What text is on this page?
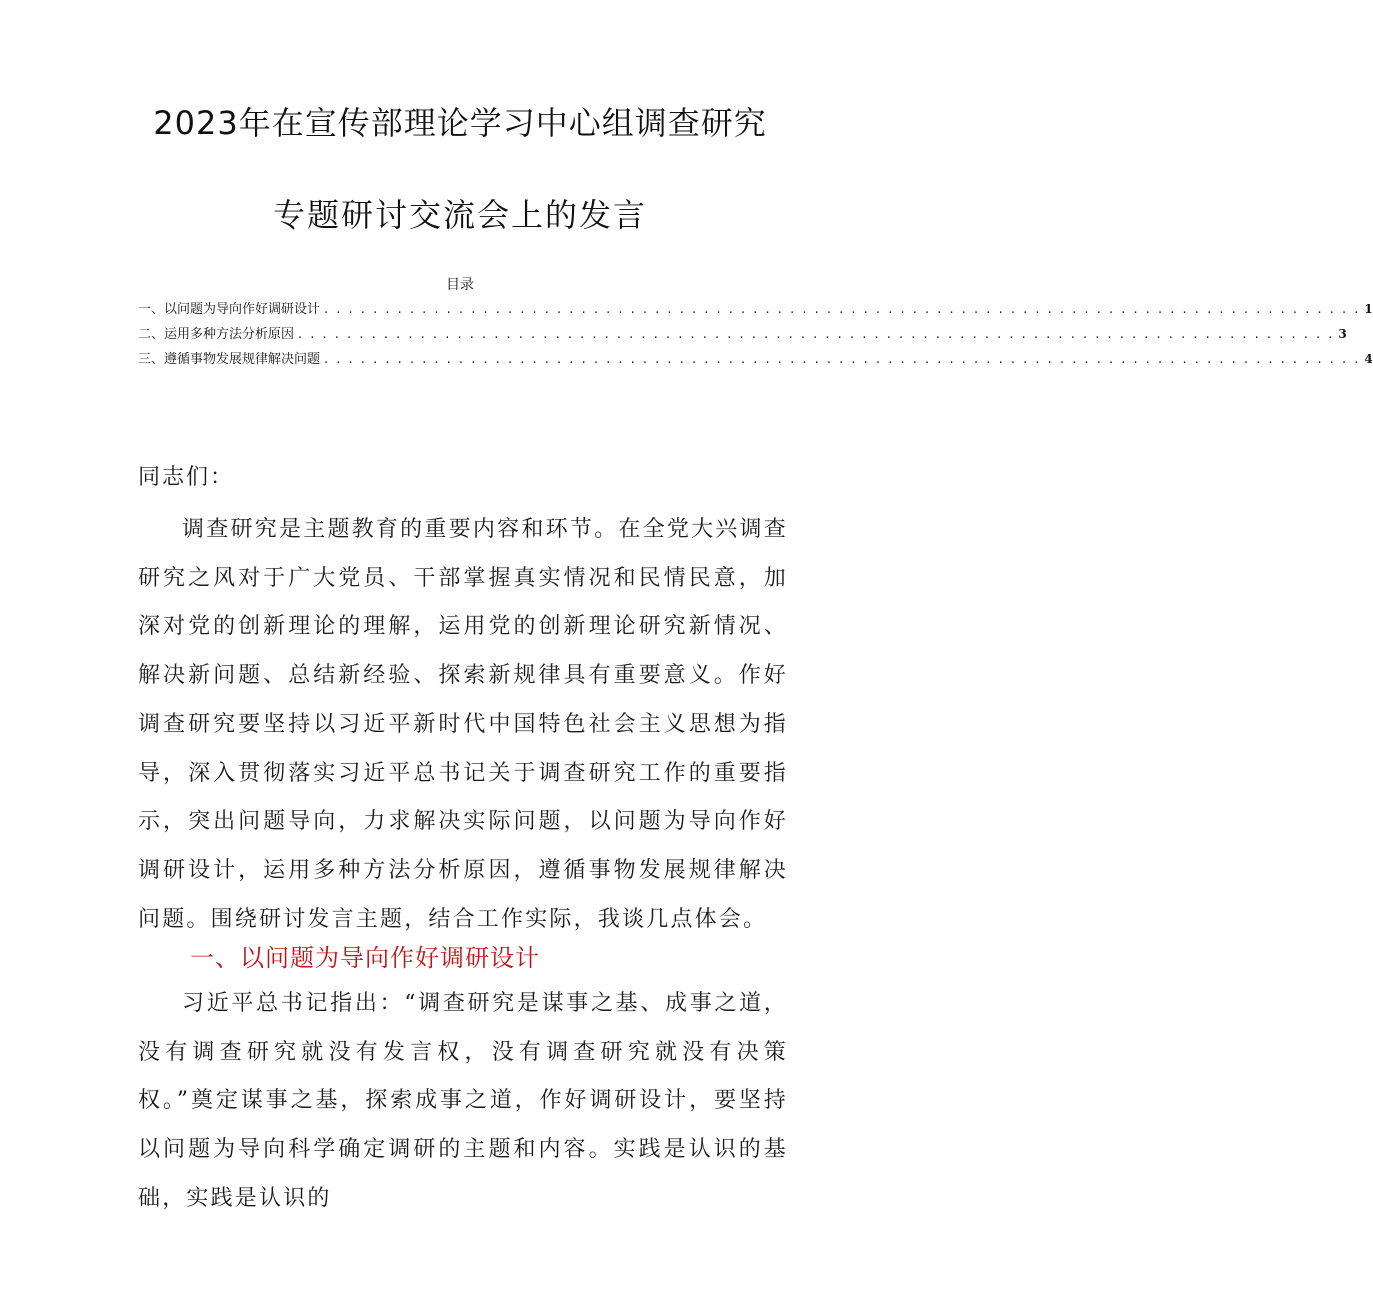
2023年在宣传部理论学习中心组调查研究
专题研讨交流会上的发言
目录
一、以问题为导向作好调研设计 . . . . . . . . . . . . . . . . . . . . . . . . . . . . . . . . . . . . . . . . . . . . . . . . . . . . . . . . . . . . . . . . . . . . . . . . . . . . . . . . . . . . . 1
二、运用多种方法分析原因 . . . . . . . . . . . . . . . . . . . . . . . . . . . . . . . . . . . . . . . . . . . . . . . . . . . . . . . . . . . . . . . . . . . . . . . . . . . . . . . . . . . . . 3
三、遵循事物发展规律解决问题 . . . . . . . . . . . . . . . . . . . . . . . . . . . . . . . . . . . . . . . . . . . . . . . . . . . . . . . . . . . . . . . . . . . . . . . . . . . . . . . . . . . . . 4
同志们：

调查研究是主题教育的重要内容和环节。在全党大兴调查研究之风对于广大党员、干部掌握真实情况和民情民意，加深对党的创新理论的理解，运用党的创新理论研究新情况、解决新问题、总结新经验、探索新规律具有重要意义。作好调查研究要坚持以习近平新时代中国特色社会主义思想为指导，深入贯彻落实习近平总书记关于调查研究工作的重要指示，突出问题导向，力求解决实际问题，以问题为导向作好调研设计，运用多种方法分析原因，遵循事物发展规律解决问题。围绕研讨发言主题，结合工作实际，我谈几点体会。

一、以问题为导向作好调研设计

习近平总书记指出：“调查研究是谋事之基、成事之道，没有调查研究就没有发言权，没有调查研究就没有决策权。”奠定谋事之基，探索成事之道，作好调研设计，要坚持以问题为导向科学确定调研的主题和内容。实践是认识的基础，实践是认识的
